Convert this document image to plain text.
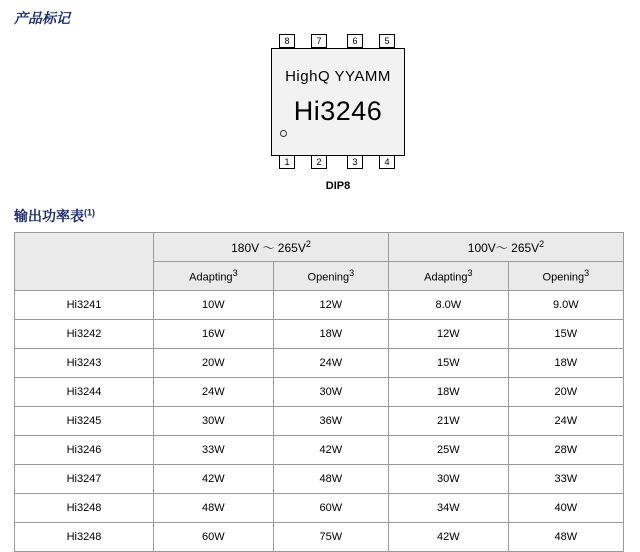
产品标记
8	7	6	5
HighQ YYAMM
Hi3246
1	2	3	4
DIP8
输出功率表$^{(1)}$
	180V ～ $265V^2$		100V～ $265V^2$
	Adapting$^3$	Opening$^3$	Adapting$^3$	Opening$^3$
Hi3241	10W	12W	8.0W	9.0W
Hi3242	16W	18W	12W	15W
Hi3243	20W	24W	15W	18W
Hi3244	24W	30W	18W	20W
Hi3245	30W	36W	21W	24W
Hi3246	33W	42W	25W	28W
Hi3247	42W	48W	30W	33W
Hi3248	48W	60W	34W	40W
Hi3248	60W	75W	42W	48W
